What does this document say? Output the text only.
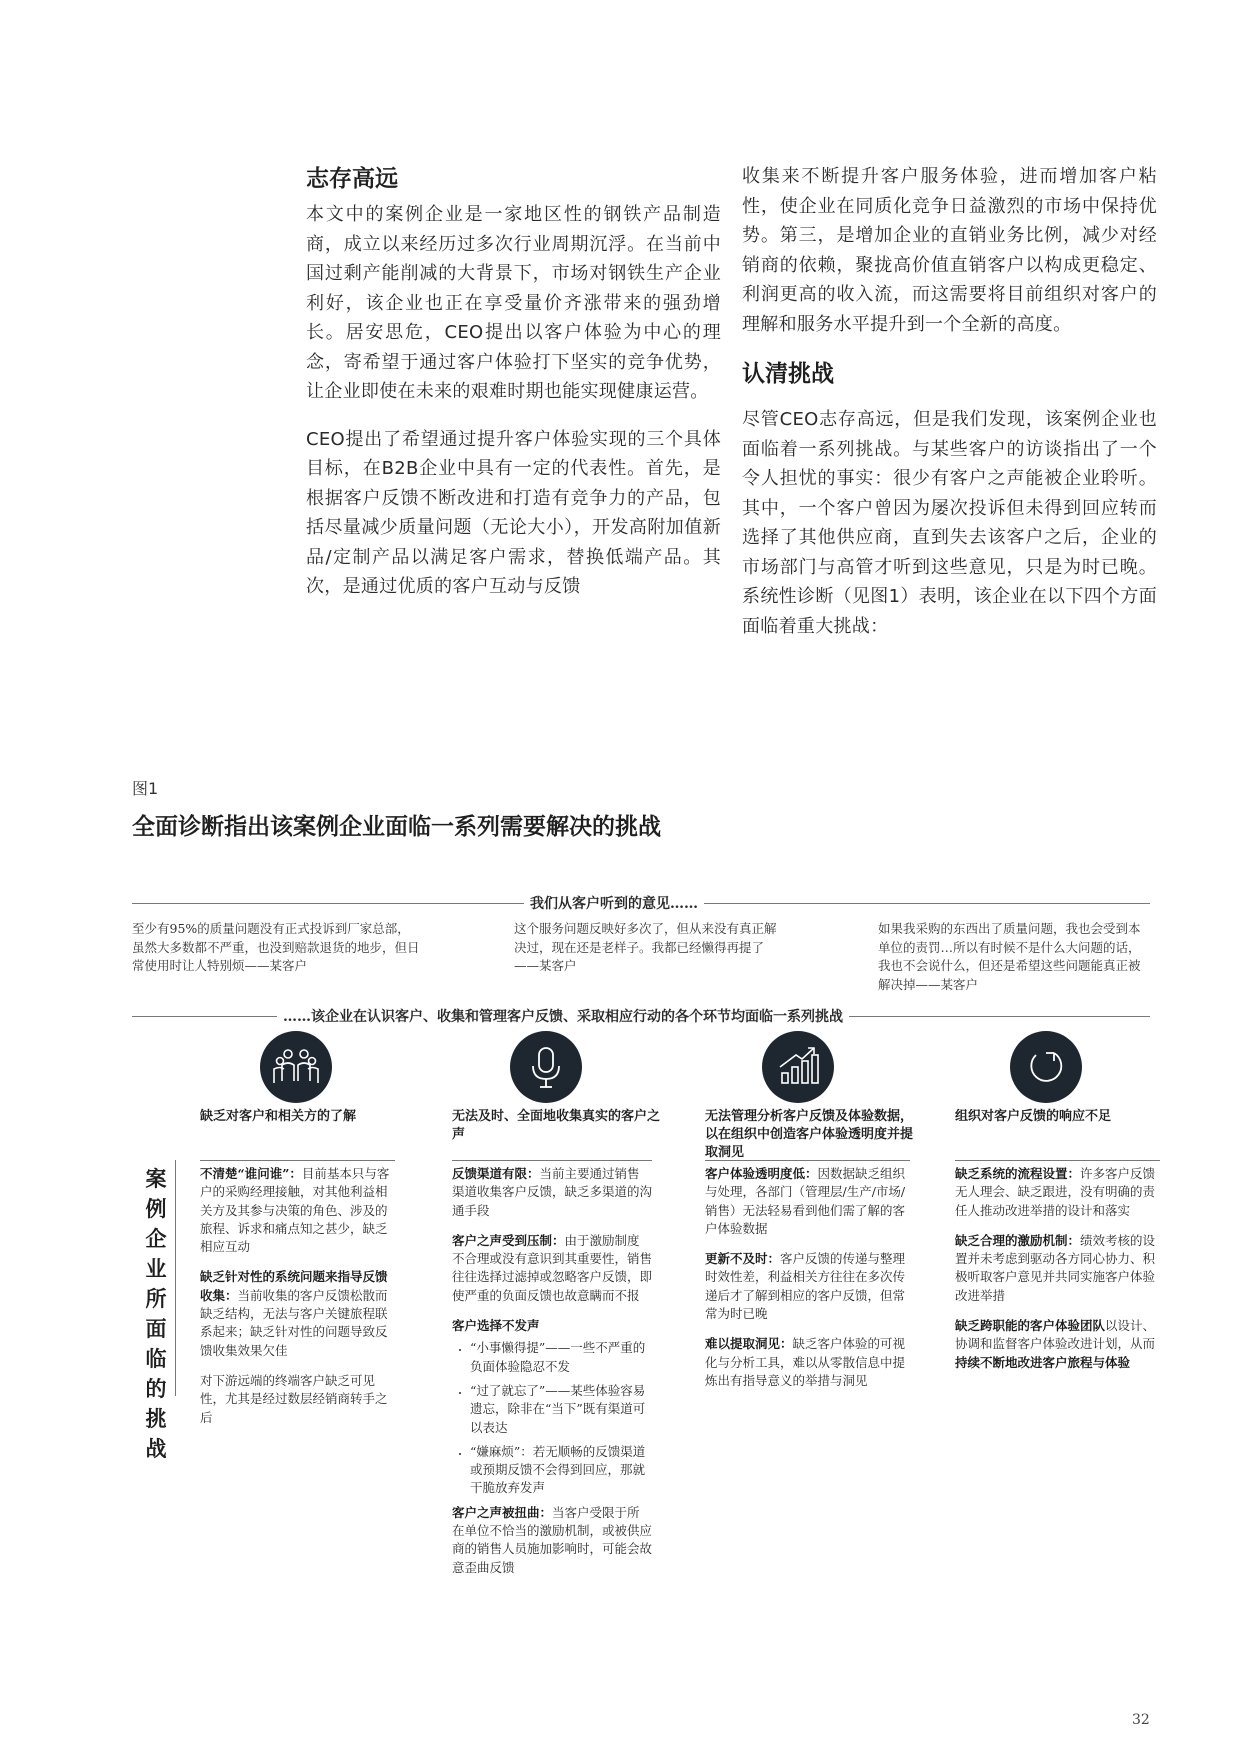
志存高远

本文中的案例企业是一家地区性的钢铁产品制造商，成立以来经历过多次行业周期沉浮。在当前中国过剩产能削减的大背景下，市场对钢铁生产企业利好，该企业也正在享受量价齐涨带来的强劲增长。居安思危，CEO提出以客户体验为中心的理念，寄希望于通过客户体验打下坚实的竞争优势，让企业即使在未来的艰难时期也能实现健康运营。

CEO提出了希望通过提升客户体验实现的三个具体目标，在B2B企业中具有一定的代表性。首先，是根据客户反馈不断改进和打造有竞争力的产品，包括尽量减少质量问题（无论大小），开发高附加值新品/定制产品以满足客户需求，替换低端产品。其次，是通过优质的客户互动与反馈

收集来不断提升客户服务体验，进而增加客户粘性，使企业在同质化竞争日益激烈的市场中保持优势。第三，是增加企业的直销业务比例，减少对经销商的依赖，聚拢高价值直销客户以构成更稳定、利润更高的收入流，而这需要将目前组织对客户的理解和服务水平提升到一个全新的高度。

认清挑战

尽管CEO志存高远，但是我们发现，该案例企业也面临着一系列挑战。与某些客户的访谈指出了一个令人担忧的事实：很少有客户之声能被企业聆听。其中，一个客户曾因为屡次投诉但未得到回应转而选择了其他供应商，直到失去该客户之后，企业的市场部门与高管才听到这些意见，只是为时已晚。系统性诊断（见图1）表明，该企业在以下四个方面面临着重大挑战：

图1
全面诊断指出该案例企业面临一系列需要解决的挑战
我们从客户听到的意见……
至少有95%的质量问题没有正式投诉到厂家总部，虽然大多数都不严重，也没到赔款退货的地步，但日常使用时让人特别烦——某客户
这个服务问题反映好多次了，但从来没有真正解决过，现在还是老样子。我都已经懒得再提了——某客户
如果我采购的东西出了质量问题，我也会受到本单位的责罚…所以有时候不是什么大问题的话，我也不会说什么，但还是希望这些问题能真正被解决掉——某客户
……该企业在认识客户、收集和管理客户反馈、采取相应行动的各个环节均面临一系列挑战
缺乏对客户和相关方的了解	无法及时、全面地收集真实的客户之声
无法管理分析客户反馈及体验数据，以在组织中创造客户体验透明度并提取洞见
组织对客户反馈的响应不足
案例企业所面临的挑战

不清楚“谁问谁”：目前基本只与客户的采购经理接触，对其他利益相关方及其参与决策的角色、涉及的旅程、诉求和痛点知之甚少，缺乏相应互动

缺乏针对性的系统问题来指导反馈收集：当前收集的客户反馈松散而缺乏结构，无法与客户关键旅程联系起来；缺乏针对性的问题导致反馈收集效果欠佳

对下游远端的终端客户缺乏可见性，尤其是经过数层经销商转手之后

反馈渠道有限：当前主要通过销售渠道收集客户反馈，缺乏多渠道的沟通手段

客户之声受到压制：由于激励制度不合理或没有意识到其重要性，销售往往选择过滤掉或忽略客户反馈，即使严重的负面反馈也故意瞒而不报

客户选择不发声

• “小事懒得提”——一些不严重的负面体验隐忍不发
• “过了就忘了”——某些体验容易遗忘，除非在“当下”既有渠道可以表达
• “嫌麻烦”：若无顺畅的反馈渠道或预期反馈不会得到回应，那就干脆放弃发声

客户之声被扭曲：当客户受限于所在单位不恰当的激励机制，或被供应商的销售人员施加影响时，可能会故意歪曲反馈

客户体验透明度低：因数据缺乏组织与处理，各部门（管理层/生产/市场/销售）无法轻易看到他们需了解的客户体验数据

更新不及时：客户反馈的传递与整理时效性差，利益相关方往往在多次传递后才了解到相应的客户反馈，但常常为时已晚

难以提取洞见：缺乏客户体验的可视化与分析工具，难以从零散信息中提炼出有指导意义的举措与洞见

缺乏系统的流程设置：许多客户反馈无人理会、缺乏跟进，没有明确的责任人推动改进举措的设计和落实

缺乏合理的激励机制：绩效考核的设置并未考虑到驱动各方同心协力、积极听取客户意见并共同实施客户体验改进举措

缺乏跨职能的客户体验团队以设计、协调和监督客户体验改进计划，从而持续不断地改进客户旅程与体验

32
